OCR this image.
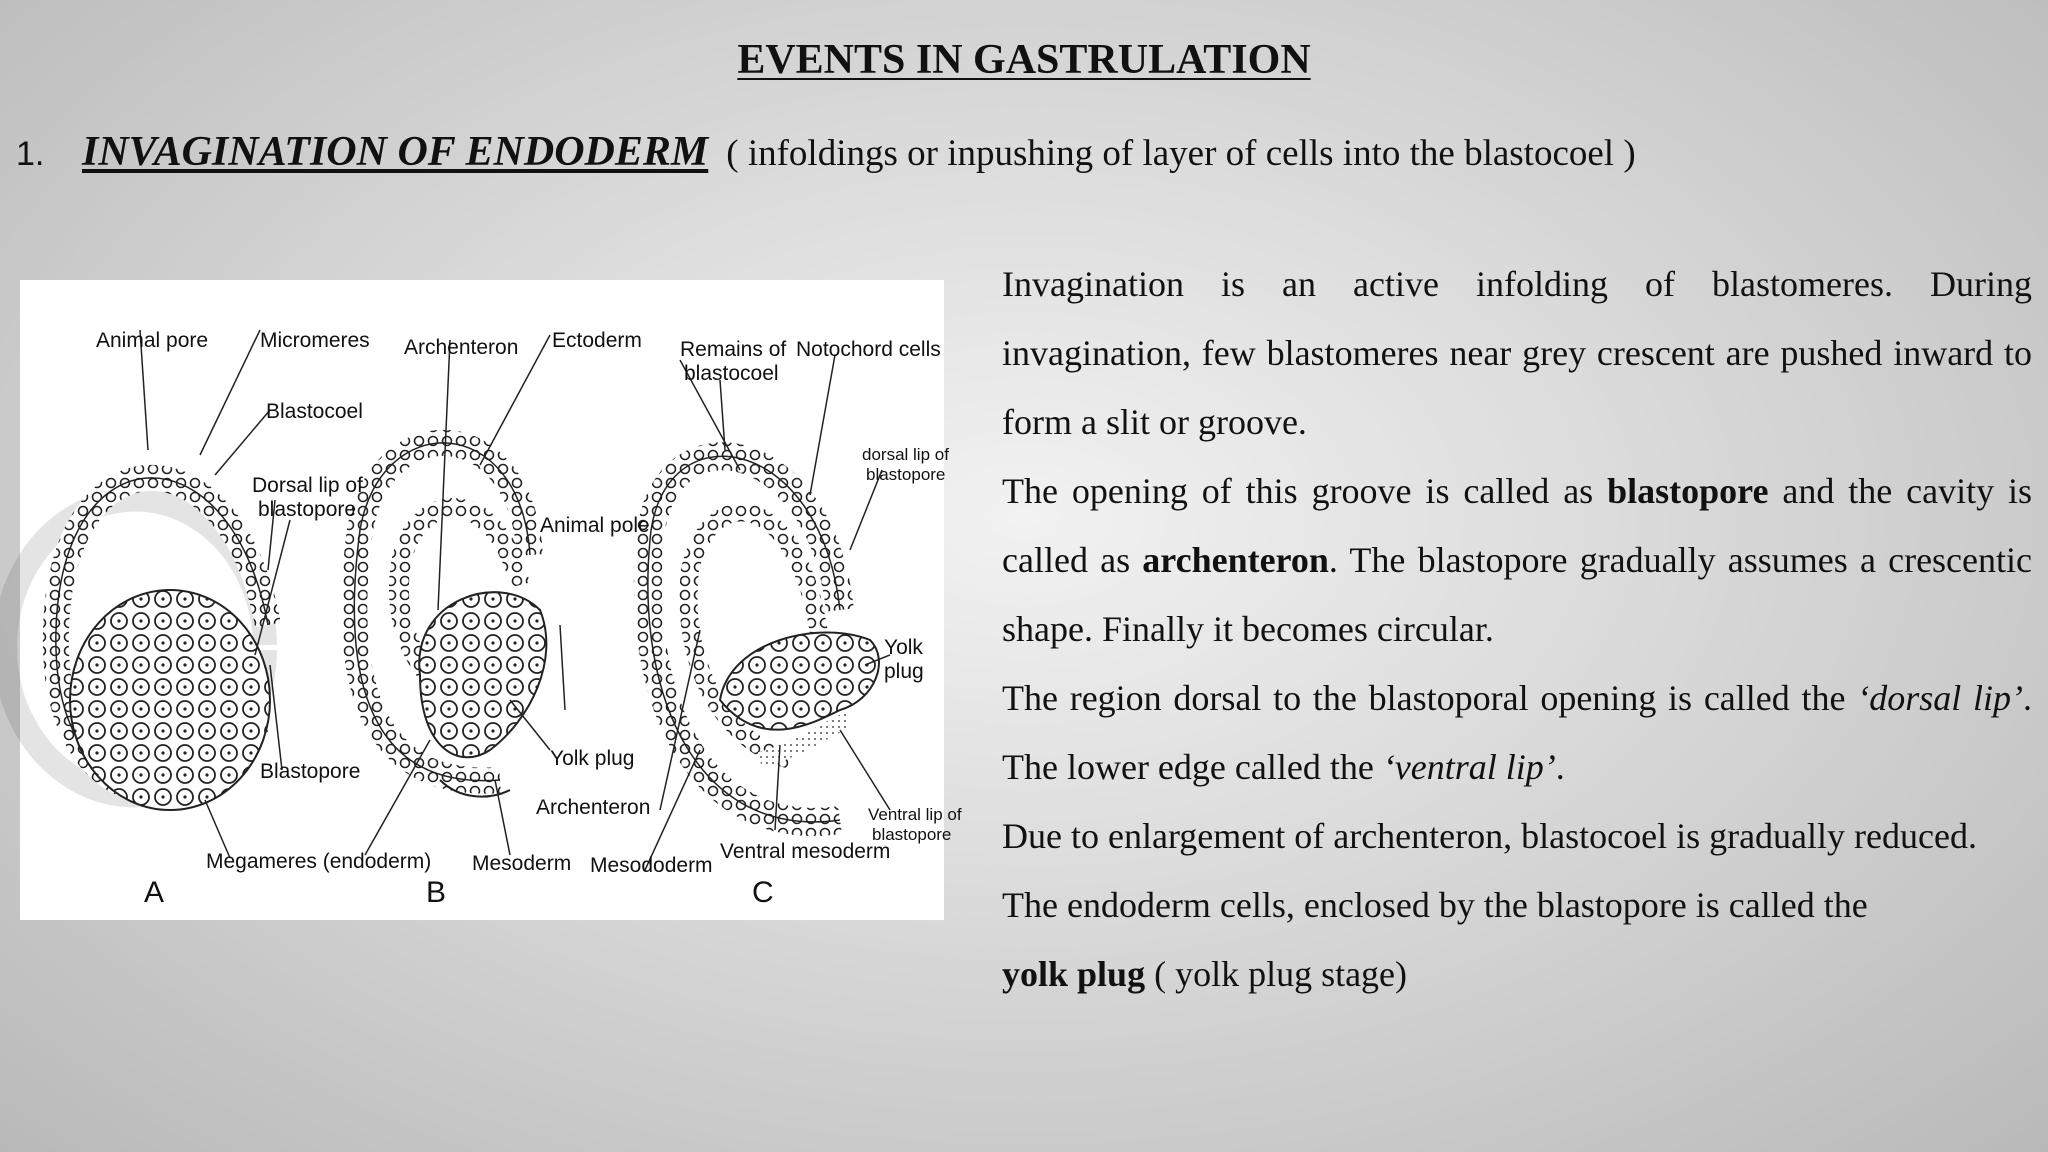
EVENTS IN GASTRULATION
1. INVAGINATION OF ENDODERM ( infoldings or inpushing of layer of cells into the blastocoel )
Animal pore Micromeres
Blastocoel
Dorsal lip of
blastopore
Blastopore
Megameres (endoderm)
Archenteron Ectoderm
Animal pole
Yolk plug
Archenteron
Mesoderm
Remains of
blastocoel
Notochord cells
dorsal lip of
blastopore
Yolk
plug
Ventral lip of
blastopore
Mesododerm
Ventral mesoderm
A	B	C

Invagination is an active infolding of blastomeres. During invagination, few blastomeres near grey crescent are pushed inward to form a slit or groove.

The opening of this groove is called as blastopore and the cavity is called as archenteron. The blastopore gradually assumes a crescentic shape. Finally it becomes circular.

The region dorsal to the blastoporal opening is called the ‘dorsal lip’. The lower edge called the ‘ventral lip’.

Due to enlargement of archenteron, blastocoel is gradually reduced.

The endoderm cells, enclosed by the blastopore is called the

yolk plug ( yolk plug stage)
